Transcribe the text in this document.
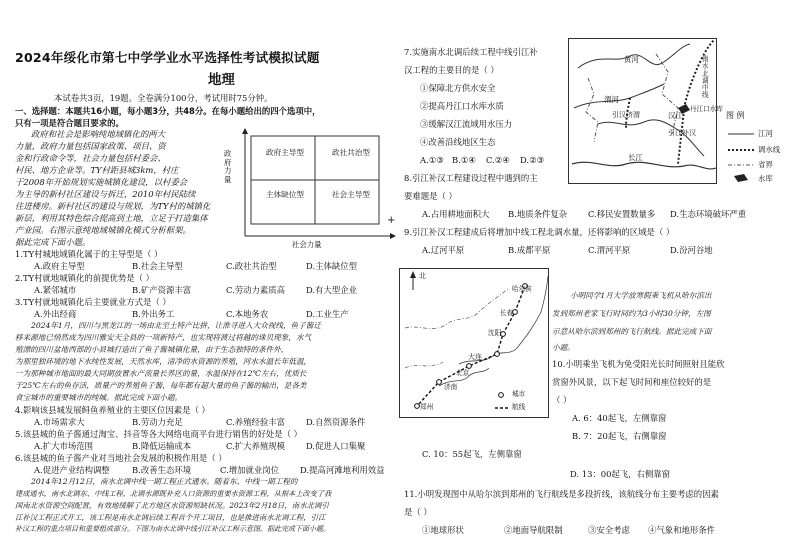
2024年绥化市第七中学学业水平选择性考试模拟试题
地理
本试卷共3页，19题。全卷满分100分，考试用时75分钟。
一、选择题：本题共16小题，每小题3分，共48分。在每小题给出的四个选项中，
只有一项是符合题目要求的。
政府和社会是影响纯地域镇化的两大
力量，政府力量包括国家政策、项目、资
金和行政命令等，社会力量包括村委会、
村民、地方企业等。TY村距县城3km，村庄
于2008年开始规划实施城镇化建设，以村委会
为主导的新村社区建设与拆迁，2010年村民陆续
住进楼房。新村社区的建设与规划，为TY村的城镇化
新层，利用其特色综合提高到土地，立足于打造集体
产业园。右图示意纯地域城镇化模式分析框架。
据此完成下面小题。
政府主导型	政社共治型
主体缺位型	社会主导型
政府力量
社会力量
+
1.TY村城地域镇化属于的主导型是（ ）
A.政府主导型	B.社会主导型	C.政社共治型	D.主体缺位型
2.TY村就地城镇化的前提优势是（ ）
A.紧邻城市	B.矿产资源丰富	C.劳动力素质高 D.有大型企业
3.TY村就地城镇化后主要就业方式是（ ）
A.外出经商	B.外出务工	C.本地务农	D.工业生产
2024年1月，四川与黑龙江的一场由北至土特产比拼，让淮寻进入大众视线，鱼子酱迁
移来源地已悄然成为四川雅安天全县的一项新特产，也实现将渡过将越的珠贝现象，水气
殖漂的四川盆地西部的小县城打造出了鱼子酱城镇化量，由于生态独特的条件外，
为那里独环境的地下水纯性发展，天然水库，清净的水资源的养殖，河水水温长年低温，
一为那种城市地面的最大同期放置水产流量长养区的量，水温保持在12℃左右，优质长
于25℃左右的鱼存活，质量产的养殖鱼子酱，每年都有超大量的鱼子酱的输出，是各类
食宝城市的重要城市的纯城。据此完成下面小题。
4.影响该县城发展鲟鱼养殖业的主要区位因素是（ ）
A.市场需求大	B.劳动力充足	C.养殖经验丰富 D.自然资源条件
5.该县城的鱼子酱通过淘宝、抖音等各大网络电商平台进行销售的好处是（ ）
A.扩大市场范围	B.降低运输成本	C.扩大养殖规模 D.促进人口集聚
6.该县城的鱼子酱产业对当地社会发展的积极作用是（ ）
A.促进产业结构调整	B.改善生态环境	C.增加就业岗位 D.提高河滩地利用效益
2014年12月12日，南水北调中线一期工程正式通水。随着东、中线一期工程的
建成通水，南水北调东、中线工程，北调水源既补充人口资源的重要水资源工程，从根本上改变了我
国南北水资源空间配置，有效地缓解了北方地区水资源短缺状况。2023年2月18日，南水北调引
江补汉工程正式开工，该工程是南水北调后续工程首个开工项目，也是推进南水北调工程，引江
补汉工程的重点项目和重要组成部分。下图为南水北调中线引江补汉工程示意图。据此完成下面小题。
7.实施南水北调后续工程中线引江补
汉工程的主要目的是（ ）
①保障北方供水安全
②提高丹江口水库水质
③缓解汉江流域用水压力
④改善沿线地区生态
A.①③ B.①④ C.②④ D.②③
黄河
渭河
引汉济渭	汉江
南水北调中线
引江补汉
长江
丹江口水库
图 例
江河
调水线
省界
水库
8.引江补汉工程建设过程中遇到的主
要难题是（ ）
A.占用耕地面积大 B.地质条件复杂 C.移民安置数量多 D.生态环境破坏严重
9.引江补汉工程建成后将增加中线工程北调水量，还将影响的区域是（ ）
A.辽河平原	B.成都平原	C.渭河平原	D.汾河谷地
北
哈尔滨
长春
沈阳
大连
北京
济南
郑州
城市
航线
小明同学1月大学放寒假乘飞机从哈尔滨出
发到郑州老家飞行时间约为3小时30分钟，左图
示意从哈尔滨到郑州的飞行航线。据此完成下面
小题。
10.小明乘坐飞机为免受阳光长时间照射且能欣
赏窗外风景，以下起飞时间和座位较好的是
（ ）
A. 6：40起飞，左侧靠窗
B. 7：20起飞，右侧靠窗
C. 10：55起飞，左侧靠窗
D. 13：00起飞，右侧靠窗
11.小明发现图中从哈尔滨到郑州的飞行航线是多段折线，该航线分布主要考虑的因素
是（ ）
①地球形状	②地面导航限制	③安全考虑 ④气象和地形条件
